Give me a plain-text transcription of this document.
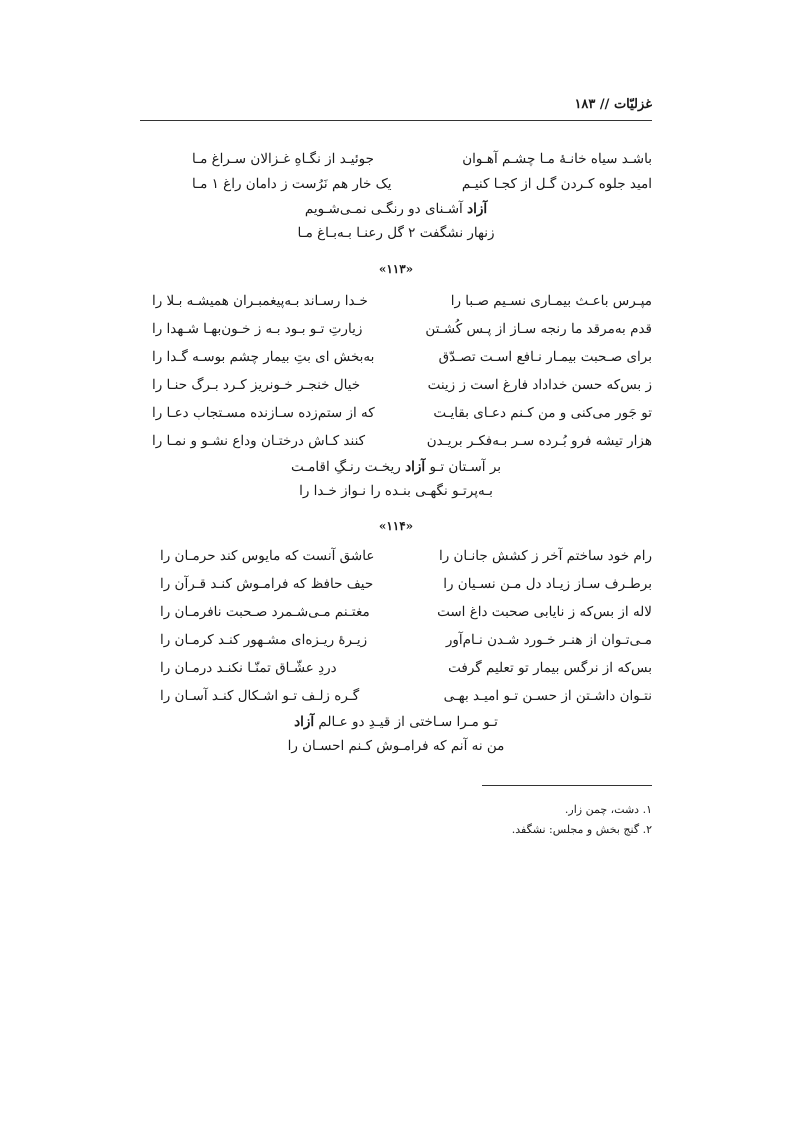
غزلیّات // ۱۸۳
باشـد سیاه خانـۀ مـا چشـم آهـوان
جوئیـد از نگـاهِ غـزالان سـراغ مـا
امید جلوه کـردن گـل از کجـا کنیـم
یک خار هم نَرُست ز دامان راغ ۱ مـا
آزاد آشـنای دو رنگـی نمـی‌شـویم
زنهار نشگفت ۲ گل رعنـا بـه‌بـاغ مـا
«۱۱۳»
مپـرس باعـث بیمـاری نسـیم صـبا را
خـدا رسـاند بـه‌پیغمبـران همیشـه بـلا را
قدم به‌مرقد ما رنجه سـاز از پـس کُشـتن
زیارتِ تـو بـود بـه ز خـون‌بهـا شـهدا را
برای صـحبت بیمـار نـافع اسـت تصـدّق
به‌بخش ای بتِ بیمار چشم بوسـه گـدا را
ز بس‌که حسن خداداد فارغ است ز زینت
خیال خنجـر خـونریز کـرد بـرگ حنـا را
تو جَور می‌کنی و من کـنم دعـای بقایـت
که از ستم‌زده سـازنده مسـتجاب دعـا را
هزار تیشه فرو بُـرده سـر بـه‌فکـر بریـدن
کنند کـاش درختـان وداع نشـو و نمـا را
بر آسـتان تـو آزاد ریخـت رنـگِ اقامـت
بـه‌پرتـو نگهـی بنـده را نـواز خـدا را
«۱۱۴»
رام خود ساختم آخر ز کشش جانـان را
عاشق آنست که مایوس کند حرمـان را
برطـرف سـاز زیـاد دل مـن نسـیان را
حیف حافظ که فرامـوش کنـد قـرآن را
لاله از بس‌که ز نایابی صحبت داغ است
مغتـنم مـی‌شـمرد صـحبت نافرمـان را
مـی‌تـوان از هنـر خـورد شـدن نـام‌آور
زیـرهٔ ریـزه‌ای مشـهور کنـد کرمـان را
بس‌که از نرگس بیمار تو تعلیم گرفت
دردِ عشّـاق تمنّـا نکنـد درمـان را
نتـوان داشـتن از حسـن تـو امیـد بهـی
گـره زلـف تـو اشـکال کنـد آسـان را
تـو مـرا سـاختی از قیـدِ دو عـالم آزاد
من نه آنم که فرامـوش کـنم احسـان را
۱. دشت، چمن زار.
۲. گنج بخش و مجلس: نشگفد.
